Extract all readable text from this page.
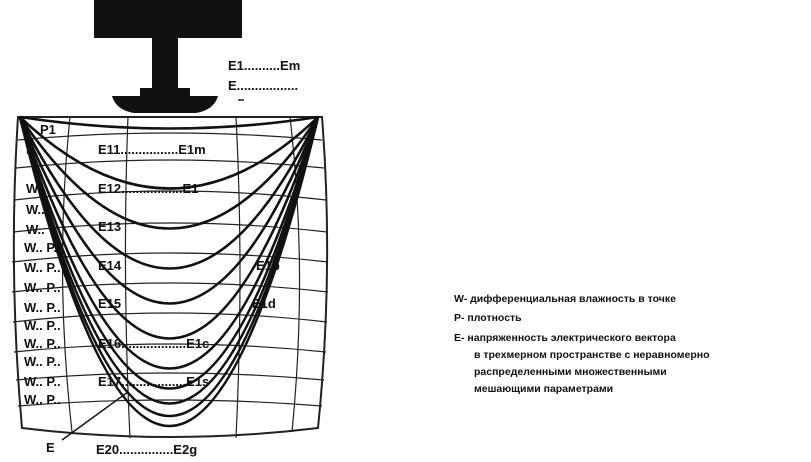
E1..........Em
E.................
P1
P..
W..
W..
W..
W.. P..
W.. P..
W.. P..
W.. P..
W.. P..
W.. P..
W.. P..
W.. P..
W.. P..
E11................E1m
E12.................E1
E13
E14	E1b
E15	E1d
E16..................E1c
E17..................E1s
E	E20...............E2g
W- дифференциальная влажность в точке
P- плотность
E- напряженность электрического вектора
в трехмерном пространстве с неравномерно
распределенными множественными
мешающими параметрами
